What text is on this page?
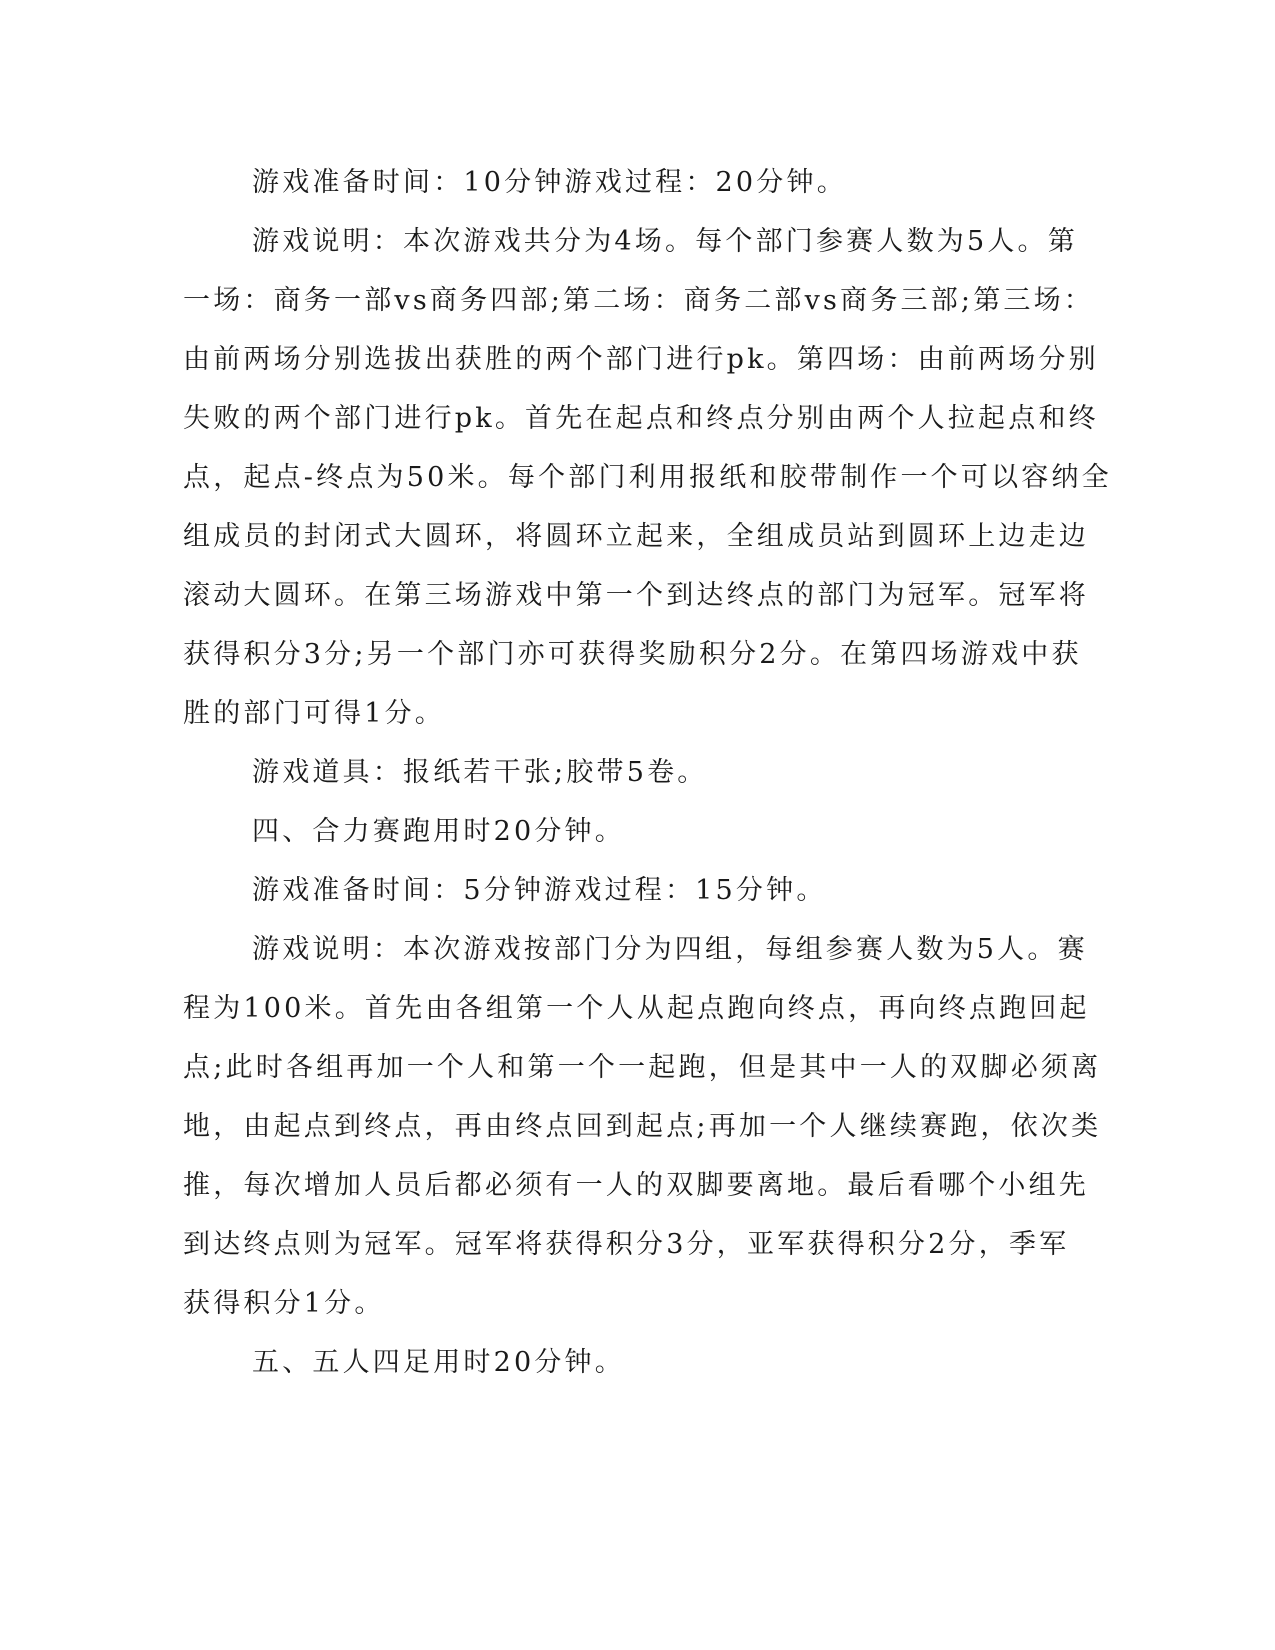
游戏准备时间：10分钟游戏过程：20分钟。

游戏说明：本次游戏共分为4场。每个部门参赛人数为5人。第

一场：商务一部vs商务四部;第二场：商务二部vs商务三部;第三场：

由前两场分别选拔出获胜的两个部门进行pk。第四场：由前两场分别

失败的两个部门进行pk。首先在起点和终点分别由两个人拉起点和终

点，起点-终点为50米。每个部门利用报纸和胶带制作一个可以容纳全

组成员的封闭式大圆环，将圆环立起来，全组成员站到圆环上边走边

滚动大圆环。在第三场游戏中第一个到达终点的部门为冠军。冠军将

获得积分3分;另一个部门亦可获得奖励积分2分。在第四场游戏中获

胜的部门可得1分。

游戏道具：报纸若干张;胶带5卷。

四、合力赛跑用时20分钟。

游戏准备时间：5分钟游戏过程：15分钟。

游戏说明：本次游戏按部门分为四组，每组参赛人数为5人。赛

程为100米。首先由各组第一个人从起点跑向终点，再向终点跑回起

点;此时各组再加一个人和第一个一起跑，但是其中一人的双脚必须离

地，由起点到终点，再由终点回到起点;再加一个人继续赛跑，依次类

推，每次增加人员后都必须有一人的双脚要离地。最后看哪个小组先

到达终点则为冠军。冠军将获得积分3分，亚军获得积分2分，季军

获得积分1分。

五、五人四足用时20分钟。
